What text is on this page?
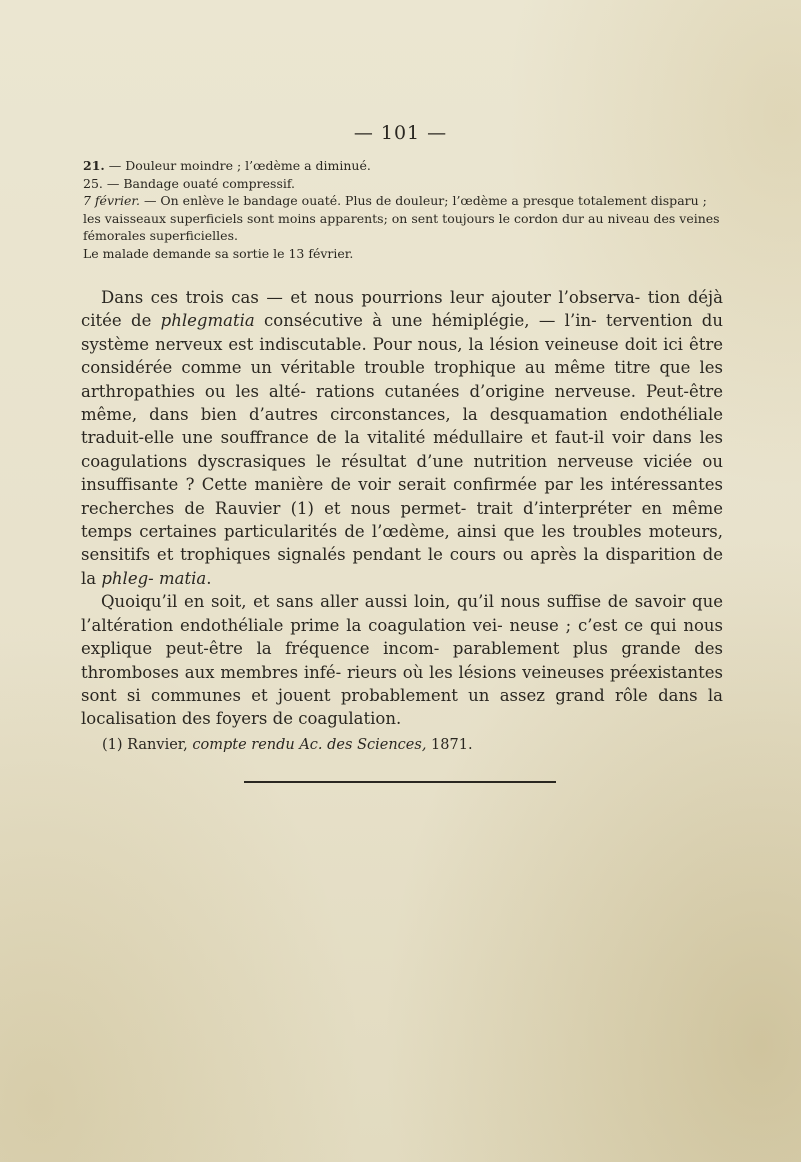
— 101 —

21. — Douleur moindre ; l’œdème a diminué.

25. — Bandage ouaté compressif.

7 février. — On enlève le bandage ouaté. Plus de douleur; l’œdème a presque totalement disparu ; les vaisseaux superficiels sont moins apparents; on sent toujours le cordon dur au niveau des veines fémorales superficielles.

Le malade demande sa sortie le 13 février.

Dans ces trois cas — et nous pourrions leur ajouter l’observa- tion déjà citée de phlegmatia consécutive à une hémiplégie, — l’in- tervention du système nerveux est indiscutable. Pour nous, la lésion veineuse doit ici être considérée comme un véritable trouble trophique au même titre que les arthropathies ou les alté- rations cutanées d’origine nerveuse. Peut-être même, dans bien d’autres circonstances, la desquamation endothéliale traduit-elle une souffrance de la vitalité médullaire et faut-il voir dans les coagulations dyscrasiques le résultat d’une nutrition nerveuse viciée ou insuffisante ? Cette manière de voir serait confirmée par les intéressantes recherches de Rauvier (1) et nous permet- trait d’interpréter en même temps certaines particularités de l’œdème, ainsi que les troubles moteurs, sensitifs et trophiques signalés pendant le cours ou après la disparition de la phleg- matia.

Quoiqu’il en soit, et sans aller aussi loin, qu’il nous suffise de savoir que l’altération endothéliale prime la coagulation vei- neuse ; c’est ce qui nous explique peut-être la fréquence incom- parablement plus grande des thromboses aux membres infé- rieurs où les lésions veineuses préexistantes sont si communes et jouent probablement un assez grand rôle dans la localisation des foyers de coagulation.

(1) Ranvier, compte rendu Ac. des Sciences, 1871.
